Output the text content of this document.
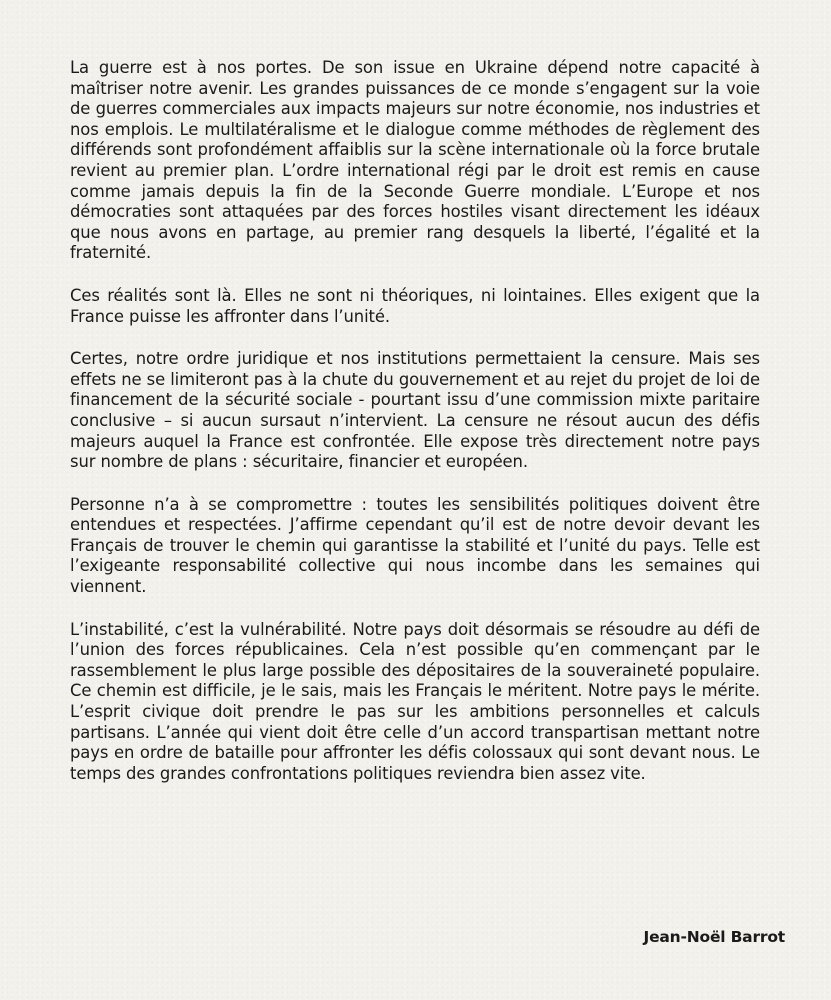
La guerre est à nos portes. De son issue en Ukraine dépend notre capacité à maîtriser notre avenir. Les grandes puissances de ce monde s’engagent sur la voie de guerres commerciales aux impacts majeurs sur notre économie, nos industries et nos emplois. Le multilatéralisme et le dialogue comme méthodes de règlement des différends sont profondément affaiblis sur la scène internationale où la force brutale revient au premier plan. L’ordre international régi par le droit est remis en cause comme jamais depuis la fin de la Seconde Guerre mondiale. L’Europe et nos démocraties sont attaquées par des forces hostiles visant directement les idéaux que nous avons en partage, au premier rang desquels la liberté, l’égalité et la fraternité.

Ces réalités sont là. Elles ne sont ni théoriques, ni lointaines. Elles exigent que la France puisse les affronter dans l’unité.

Certes, notre ordre juridique et nos institutions permettaient la censure. Mais ses effets ne se limiteront pas à la chute du gouvernement et au rejet du projet de loi de financement de la sécurité sociale - pourtant issu d’une commission mixte paritaire conclusive – si aucun sursaut n’intervient. La censure ne résout aucun des défis majeurs auquel la France est confrontée. Elle expose très directement notre pays sur nombre de plans : sécuritaire, financier et européen.

Personne n’a à se compromettre : toutes les sensibilités politiques doivent être entendues et respectées. J’affirme cependant qu’il est de notre devoir devant les Français de trouver le chemin qui garantisse la stabilité et l’unité du pays. Telle est l’exigeante responsabilité collective qui nous incombe dans les semaines qui viennent.

L’instabilité, c’est la vulnérabilité. Notre pays doit désormais se résoudre au défi de l’union des forces républicaines. Cela n’est possible qu’en commençant par le rassemblement le plus large possible des dépositaires de la souveraineté populaire. Ce chemin est difficile, je le sais, mais les Français le méritent. Notre pays le mérite. L’esprit civique doit prendre le pas sur les ambitions personnelles et calculs partisans. L’année qui vient doit être celle d’un accord transpartisan mettant notre pays en ordre de bataille pour affronter les défis colossaux qui sont devant nous. Le temps des grandes confrontations politiques reviendra bien assez vite.

Jean-Noël Barrot
